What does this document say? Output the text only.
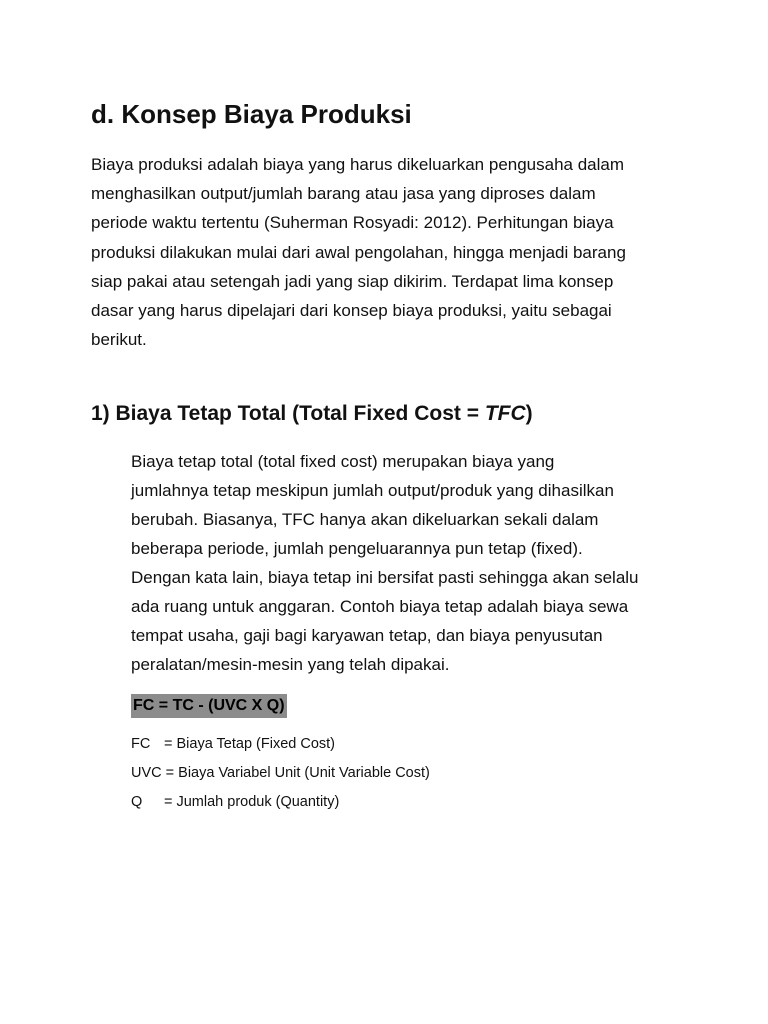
d. Konsep Biaya Produksi
Biaya produksi adalah biaya yang harus dikeluarkan pengusaha dalam
menghasilkan output/jumlah barang atau jasa yang diproses dalam
periode waktu tertentu (Suherman Rosyadi: 2012). Perhitungan biaya
produksi dilakukan mulai dari awal pengolahan, hingga menjadi barang
siap pakai atau setengah jadi yang siap dikirim. Terdapat lima konsep
dasar yang harus dipelajari dari konsep biaya produksi, yaitu sebagai
berikut.
1) Biaya Tetap Total (Total Fixed Cost = TFC)
Biaya tetap total (total fixed cost) merupakan biaya yang
jumlahnya tetap meskipun jumlah output/produk yang dihasilkan
berubah. Biasanya, TFC hanya akan dikeluarkan sekali dalam
beberapa periode, jumlah pengeluarannya pun tetap (fixed).
Dengan kata lain, biaya tetap ini bersifat pasti sehingga akan selalu
ada ruang untuk anggaran. Contoh biaya tetap adalah biaya sewa
tempat usaha, gaji bagi karyawan tetap, dan biaya penyusutan
peralatan/mesin-mesin yang telah dipakai.
FC = TC - (UVC X Q)
FC = Biaya Tetap (Fixed Cost)
UVC = Biaya Variabel Unit (Unit Variable Cost)
Q = Jumlah produk (Quantity)
